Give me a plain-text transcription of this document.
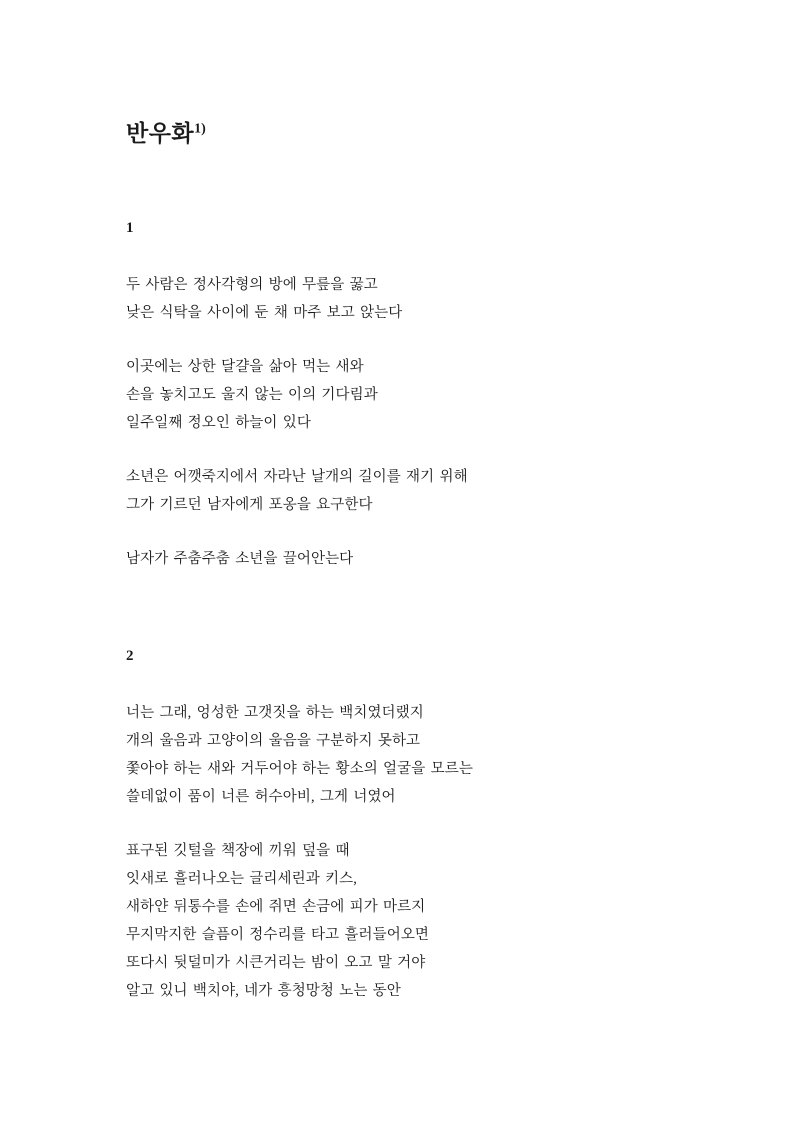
반우화$^{1)}$
1
두 사람은 정사각형의 방에 무릎을 꿇고
낮은 식탁을 사이에 둔 채 마주 보고 앉는다
이곳에는 상한 달걀을 삶아 먹는 새와
손을 놓치고도 울지 않는 이의 기다림과
일주일째 정오인 하늘이 있다
소년은 어깻죽지에서 자라난 날개의 길이를 재기 위해
그가 기르던 남자에게 포옹을 요구한다
남자가 주춤주춤 소년을 끌어안는다
2
너는 그래, 엉성한 고갯짓을 하는 백치였더랬지
개의 울음과 고양이의 울음을 구분하지 못하고
쫓아야 하는 새와 거두어야 하는 황소의 얼굴을 모르는
쓸데없이 품이 너른 허수아비, 그게 너였어
표구된 깃털을 책장에 끼워 덮을 때
잇새로 흘러나오는 글리세린과 키스,
새하얀 뒤통수를 손에 쥐면 손금에 피가 마르지
무지막지한 슬픔이 정수리를 타고 흘러들어오면
또다시 뒷덜미가 시큰거리는 밤이 오고 말 거야
알고 있니 백치야, 네가 흥청망청 노는 동안
